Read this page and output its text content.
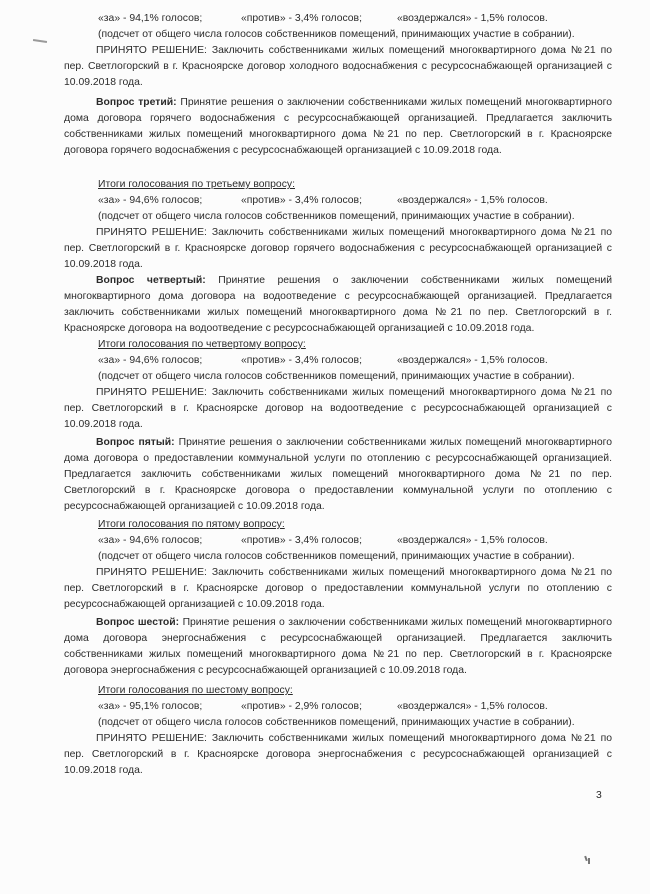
«за» - 94,1% голосов;	«против» - 3,4% голосов;	«воздержался» - 1,5% голосов.
(подсчет от общего числа голосов собственников помещений, принимающих участие в собрании).
ПРИНЯТО РЕШЕНИЕ: Заключить собственниками жилых помещений многоквартирного дома №21 по пер. Светлогорский в г. Красноярске договор холодного водоснабжения с ресурсоснабжающей организацией с 10.09.2018 года.
Вопрос третий: Принятие решения о заключении собственниками жилых помещений многоквартирного дома договора горячего водоснабжения с ресурсоснабжающей организацией. Предлагается заключить собственниками жилых помещений многоквартирного дома №21 по пер. Светлогорский в г. Красноярске договора горячего водоснабжения с ресурсоснабжающей организацией с 10.09.2018 года.
Итоги голосования по третьему вопросу:
«за» - 94,6% голосов;	«против» - 3,4% голосов;	«воздержался» - 1,5% голосов.
(подсчет от общего числа голосов собственников помещений, принимающих участие в собрании).
ПРИНЯТО РЕШЕНИЕ: Заключить собственниками жилых помещений многоквартирного дома №21 по пер. Светлогорский в г. Красноярске договор горячего водоснабжения с ресурсоснабжающей организацией с 10.09.2018 года.
Вопрос четвертый: Принятие решения о заключении собственниками жилых помещений многоквартирного дома договора на водоотведение с ресурсоснабжающей организацией. Предлагается заключить собственниками жилых помещений многоквартирного дома №21 по пер. Светлогорский в г. Красноярске договора на водоотведение с ресурсоснабжающей организацией с 10.09.2018 года.
Итоги голосования по четвертому вопросу:
«за» - 94,6% голосов;	«против» - 3,4% голосов;	«воздержался» - 1,5% голосов.
(подсчет от общего числа голосов собственников помещений, принимающих участие в собрании).
ПРИНЯТО РЕШЕНИЕ: Заключить собственниками жилых помещений многоквартирного дома №21 по пер. Светлогорский в г. Красноярске договор на водоотведение с ресурсоснабжающей организацией с 10.09.2018 года.
Вопрос пятый: Принятие решения о заключении собственниками жилых помещений многоквартирного дома договора о предоставлении коммунальной услуги по отоплению с ресурсоснабжающей организацией. Предлагается заключить собственниками жилых помещений многоквартирного дома №21 по пер. Светлогорский в г. Красноярске договора о предоставлении коммунальной услуги по отоплению с ресурсоснабжающей организацией с 10.09.2018 года.
Итоги голосования по пятому вопросу:
«за» - 94,6% голосов;	«против» - 3,4% голосов;	«воздержался» - 1,5% голосов.
(подсчет от общего числа голосов собственников помещений, принимающих участие в собрании).
ПРИНЯТО РЕШЕНИЕ: Заключить собственниками жилых помещений многоквартирного дома №21 по пер. Светлогорский в г. Красноярске договор о предоставлении коммунальной услуги по отоплению с ресурсоснабжающей организацией с 10.09.2018 года.
Вопрос шестой: Принятие решения о заключении собственниками жилых помещений многоквартирного дома договора энергоснабжения с ресурсоснабжающей организацией. Предлагается заключить собственниками жилых помещений многоквартирного дома №21 по пер. Светлогорский в г. Красноярске договора энергоснабжения с ресурсоснабжающей организацией с 10.09.2018 года.
Итоги голосования по шестому вопросу:
«за» - 95,1% голосов;	«против» - 2,9% голосов;	«воздержался» - 1,5% голосов.
(подсчет от общего числа голосов собственников помещений, принимающих участие в собрании).
ПРИНЯТО РЕШЕНИЕ: Заключить собственниками жилых помещений многоквартирного дома №21 по пер. Светлогорский в г. Красноярске договора энергоснабжения с ресурсоснабжающей организацией с 10.09.2018 года.
3
